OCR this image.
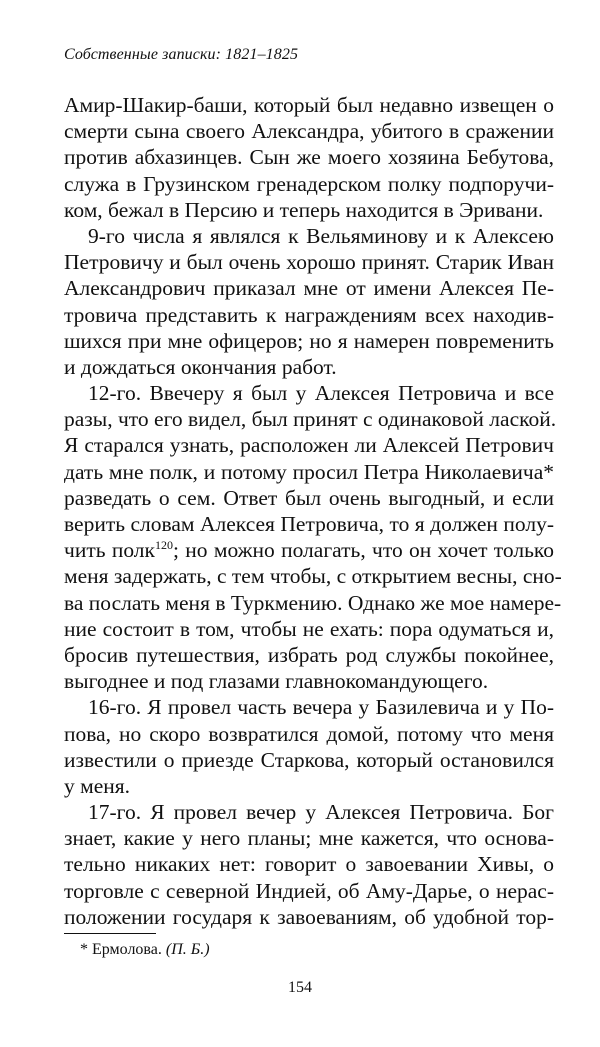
Собственные записки: 1821–1825
Амир-Шакир-баши, который был недавно извещен о
смерти сына своего Александра, убитого в сражении
против абхазинцев. Сын же моего хозяина Бебутова,
служа в Грузинском гренадерском полку подпоручи-
ком, бежал в Персию и теперь находится в Эривани.
9-го числа я являлся к Вельяминову и к Алексею
Петровичу и был очень хорошо принят. Старик Иван
Александрович приказал мне от имени Алексея Пе-
тровича представить к награждениям всех находив-
шихся при мне офицеров; но я намерен повременить
и дождаться окончания работ.
12-го. Ввечеру я был у Алексея Петровича и все
разы, что его видел, был принят с одинаковой лаской.
Я старался узнать, расположен ли Алексей Петрович
дать мне полк, и потому просил Петра Николаевича*
разведать о сем. Ответ был очень выгодный, и если
верить словам Алексея Петровича, то я должен полу-
чить полк$^{120}$; но можно полагать, что он хочет только
меня задержать, с тем чтобы, с открытием весны, сно-
ва послать меня в Туркмению. Однако же мое намере-
ние состоит в том, чтобы не ехать: пора одуматься и,
бросив путешествия, избрать род службы покойнее,
выгоднее и под глазами главнокомандующего.
16-го. Я провел часть вечера у Базилевича и у По-
пова, но скоро возвратился домой, потому что меня
известили о приезде Старкова, который остановился
у меня.
17-го. Я провел вечер у Алексея Петровича. Бог
знает, какие у него планы; мне кажется, что основа-
тельно никаких нет: говорит о завоевании Хивы, о
торговле с северной Индией, об Аму-Дарье, о нерас-
положении государя к завоеваниям, об удобной тор-
* Ермолова. (П. Б.)
154
